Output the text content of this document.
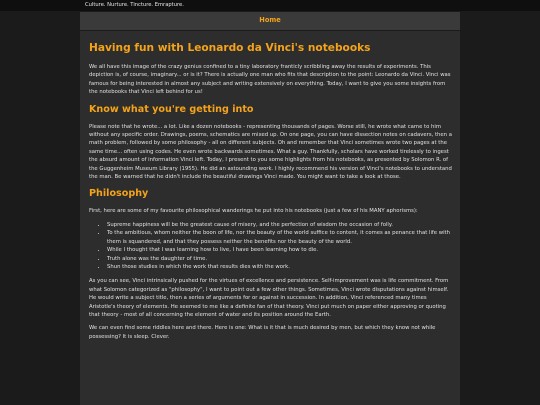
Culture. Nurture. Tincture. Emrapture.
Home
Having fun with Leonardo da Vinci's notebooks

We all have this image of the crazy genius confined to a tiny laboratory franticly scribbling away the results of experiments. This depiction is, of course, imaginary... or is it? There is actually one man who fits that description to the point: Leonardo da Vinci. Vinci was famous for being interested in almost any subject and writing extensively on everything. Today, I want to give you some insights from the notebooks that Vinci left behind for us!

Know what you're getting into

Please note that he wrote... a lot. Like a dozen notebooks - representing thousands of pages. Worse still, he wrote what came to him without any specific order. Drawings, poems, schematics are mixed up. On one page, you can have dissection notes on cadavers, then a math problem, followed by some philosophy - all on different subjects. Oh and remember that Vinci sometimes wrote two pages at the same time... often using codes. He even wrote backwards sometimes. What a guy. Thankfully, scholars have worked tirelessly to ingest the absurd amount of information Vinci left. Today, I present to you some highlights from his notebooks, as presented by Solomon R. of the Guggenheim Museum Library (1955). He did an astounding work. I highly recommend his version of Vinci's notebooks to understand the man. Be warned that he didn't include the beautiful drawings Vinci made. You might want to take a look at those.

Philosophy

First, here are some of my favourite philosophical wanderings he put into his notebooks (just a few of his MANY aphorisms):

• Supreme happiness will be the greatest cause of misery, and the perfection of wisdom the occasion of folly.
• To the ambitious, whom neither the boon of life, nor the beauty of the world suffice to content, it comes as penance that life with them is squandered, and that they possess neither the benefits nor the beauty of the world.
• While I thought that I was learning how to live, I have been learning how to die.
• Truth alone was the daughter of time.
• Shun those studies in which the work that results dies with the work.

As you can see, Vinci intrinsically pushed for the virtues of excellence and persistence. Self-improvement was is life commitment. From what Solomon categorized as "philosophy", I want to point out a few other things. Sometimes, Vinci wrote disputations against himself. He would write a subject title, then a series of arguments for or against in succession. In addition, Vinci referenced many times Aristotle's theory of elements. He seemed to me like a definite fan of that theory. Vinci put much on paper either approving or quoting that theory - most of all concerning the element of water and its position around the Earth.

We can even find some riddles here and there. Here is one: What is it that is much desired by men, but which they know not while possessing? It is sleep. Clever.
